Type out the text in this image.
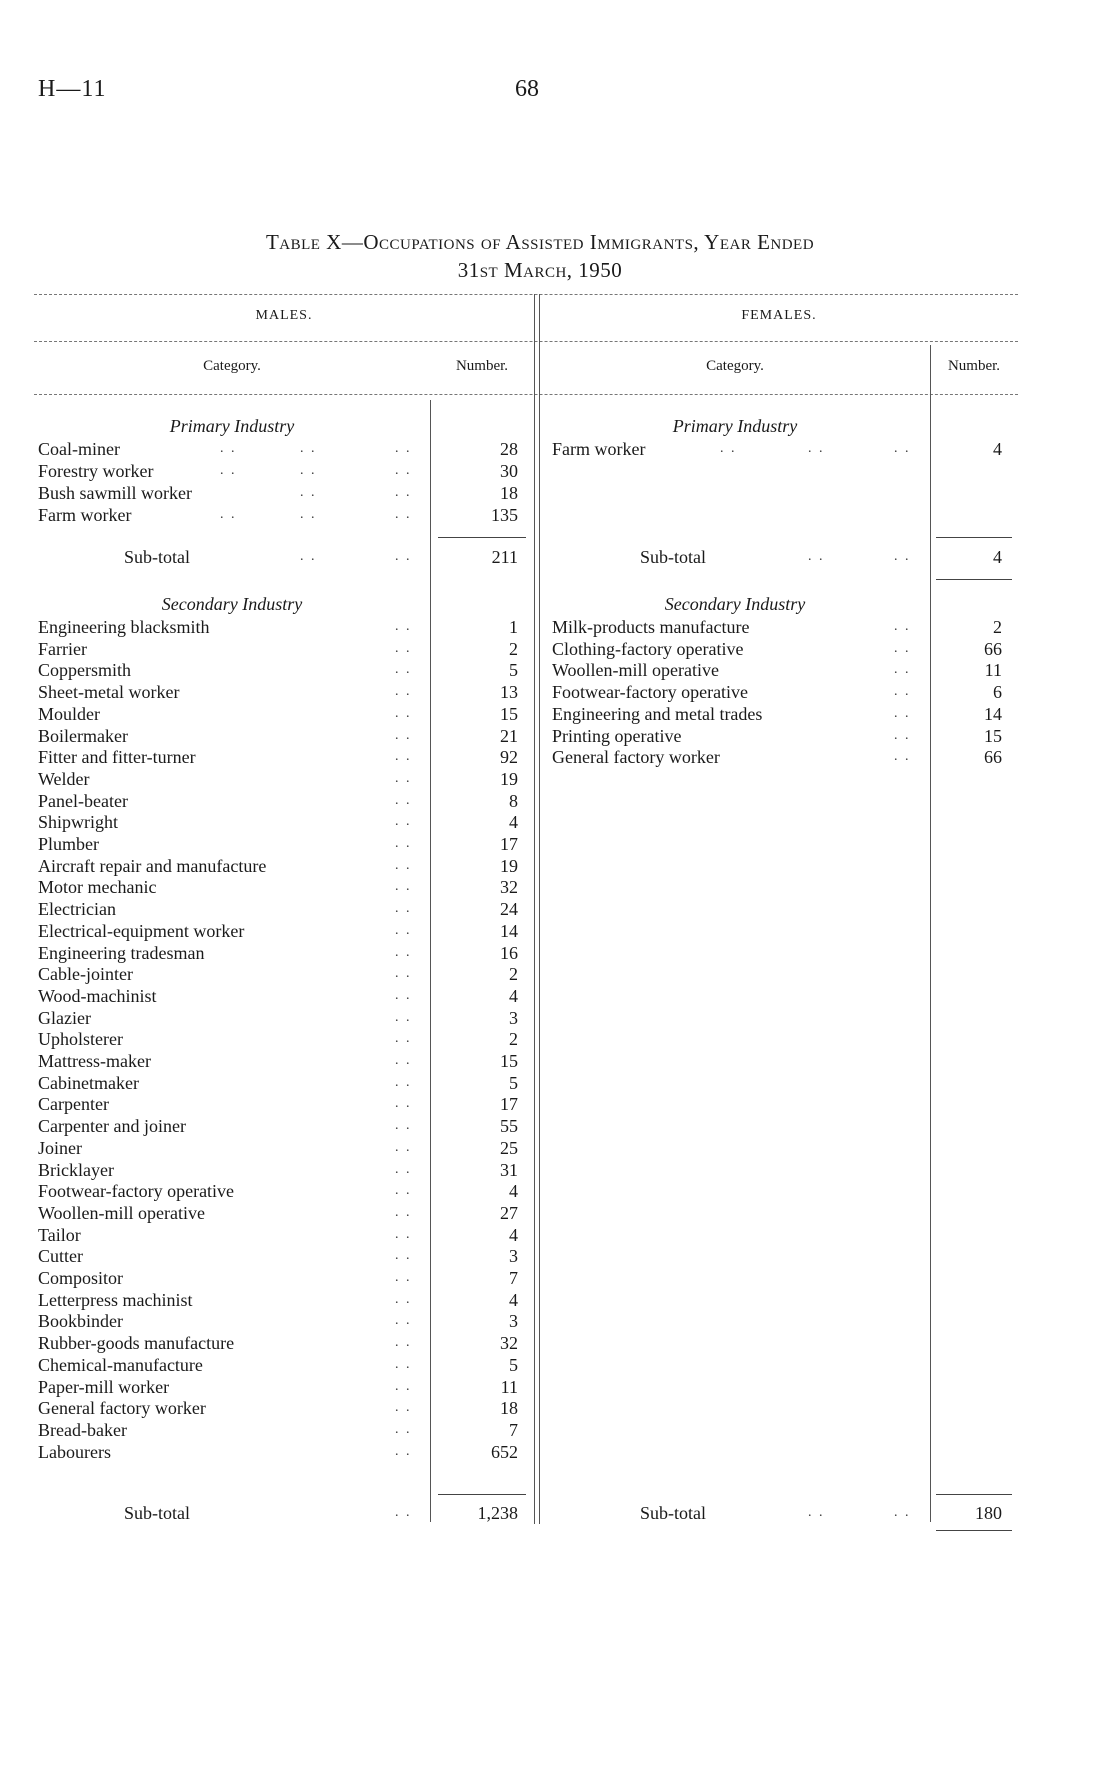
H—11	68
Table X—Occupations of Assisted Immigrants, Year Ended
31st March, 1950
MALES.	FEMALES.
Category.	Number.	Category.	Number.
Primary Industry
Coal-miner	. .	. .	. .	28
Forestry worker	. .	. .	. .	30
Bush sawmill worker	. .	. .	18
Farm worker	. .	. .	. .	135
Sub-total	. .	. .	211
Secondary Industry
Engineering blacksmith	. .	1
Farrier	. .	2
Coppersmith	. .	5
Sheet-metal worker	. .	13
Moulder	. .	15
Boilermaker	. .	21
Fitter and fitter-turner	. .	92
Welder	. .	19
Panel-beater	. .	8
Shipwright	. .	4
Plumber	. .	17
Aircraft repair and manufacture	. .	19
Motor mechanic	. .	32
Electrician	. .	24
Electrical-equipment worker	. .	14
Engineering tradesman	. .	16
Cable-jointer	. .	2
Wood-machinist	. .	4
Glazier	. .	3
Upholsterer	. .	2
Mattress-maker	. .	15
Cabinetmaker	. .	5
Carpenter	. .	17
Carpenter and joiner	. .	55
Joiner	. .	25
Bricklayer	. .	31
Footwear-factory operative	. .	4
Woollen-mill operative	. .	27
Tailor	. .	4
Cutter	. .	3
Compositor	. .	7
Letterpress machinist	. .	4
Bookbinder	. .	3
Rubber-goods manufacture	. .	32
Chemical-manufacture	. .	5
Paper-mill worker	. .	11
General factory worker	. .	18
Bread-baker	. .	7
Labourers	. .	652
Sub-total	. .	1,238
Primary Industry
Farm worker	. .	. .	. .	4
Sub-total	. .	. .	4
Secondary Industry
Milk-products manufacture	. .	2
Clothing-factory operative	. .	66
Woollen-mill operative	. .	11
Footwear-factory operative	. .	6
Engineering and metal trades	. .	14
Printing operative	. .	15
General factory worker	. .	66
Sub-total	. .	. .	180
